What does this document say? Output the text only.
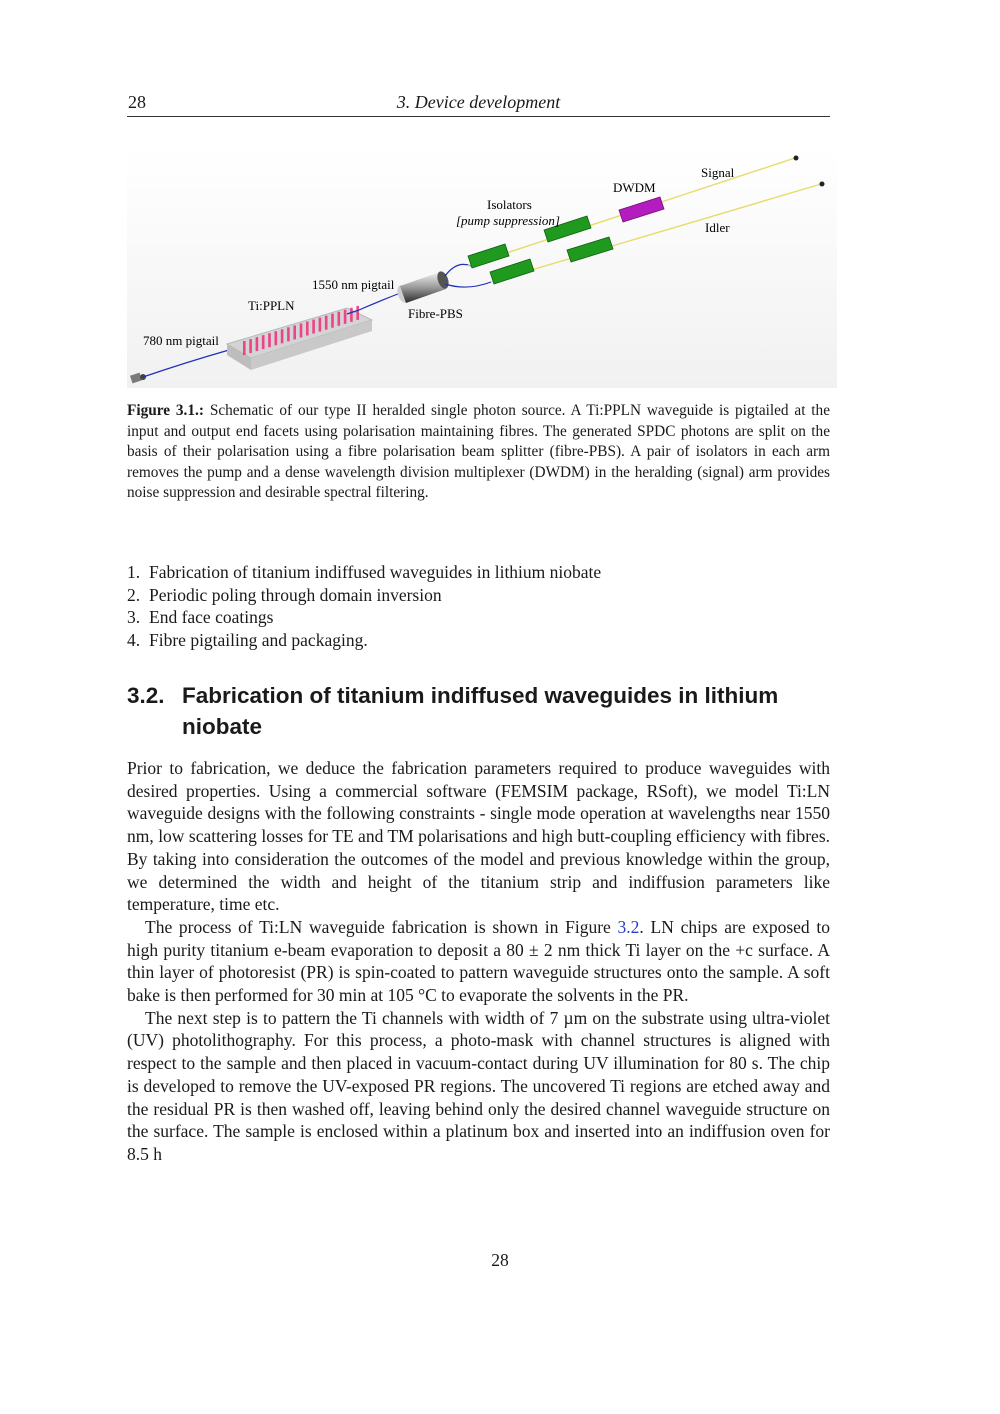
28	3. Device development
Signal
DWDM
Isolators
[pump suppression]	Idler
1550 nm pigtail
Ti:PPLN
Fibre-PBS
780 nm pigtail
Figure 3.1.: Schematic of our type II heralded single photon source. A Ti:PPLN waveguide is pigtailed at the input and output end facets using polarisation maintaining fibres. The generated SPDC photons are split on the basis of their polarisation using a fibre polarisation beam splitter (fibre-PBS). A pair of isolators in each arm removes the pump and a dense wavelength division multiplexer (DWDM) in the heralding (signal) arm provides noise suppression and desirable spectral filtering.
1. Fabrication of titanium indiffused waveguides in lithium niobate
2. Periodic poling through domain inversion
3. End face coatings
4. Fibre pigtailing and packaging.
3.2. Fabrication of titanium indiffused waveguides in lithium niobate

Prior to fabrication, we deduce the fabrication parameters required to produce waveguides with desired properties. Using a commercial software (FEMSIM package, RSoft), we model Ti:LN waveguide designs with the following constraints - single mode operation at wavelengths near 1550 nm, low scattering losses for TE and TM polarisations and high butt-coupling efficiency with fibres. By taking into consideration the outcomes of the model and previous knowledge within the group, we determined the width and height of the titanium strip and indiffusion parameters like temperature, time etc.

The process of Ti:LN waveguide fabrication is shown in Figure 3.2. LN chips are exposed to high purity titanium e-beam evaporation to deposit a 80 ± 2 nm thick Ti layer on the +c surface. A thin layer of photoresist (PR) is spin-coated to pattern waveguide structures onto the sample. A soft bake is then performed for 30 min at 105 °C to evaporate the solvents in the PR.

The next step is to pattern the Ti channels with width of 7 µm on the substrate using ultra-violet (UV) photolithography. For this process, a photo-mask with channel structures is aligned with respect to the sample and then placed in vacuum-contact during UV illumination for 80 s. The chip is developed to remove the UV-exposed PR regions. The uncovered Ti regions are etched away and the residual PR is then washed off, leaving behind only the desired channel waveguide structure on the surface. The sample is enclosed within a platinum box and inserted into an indiffusion oven for 8.5 h

28
